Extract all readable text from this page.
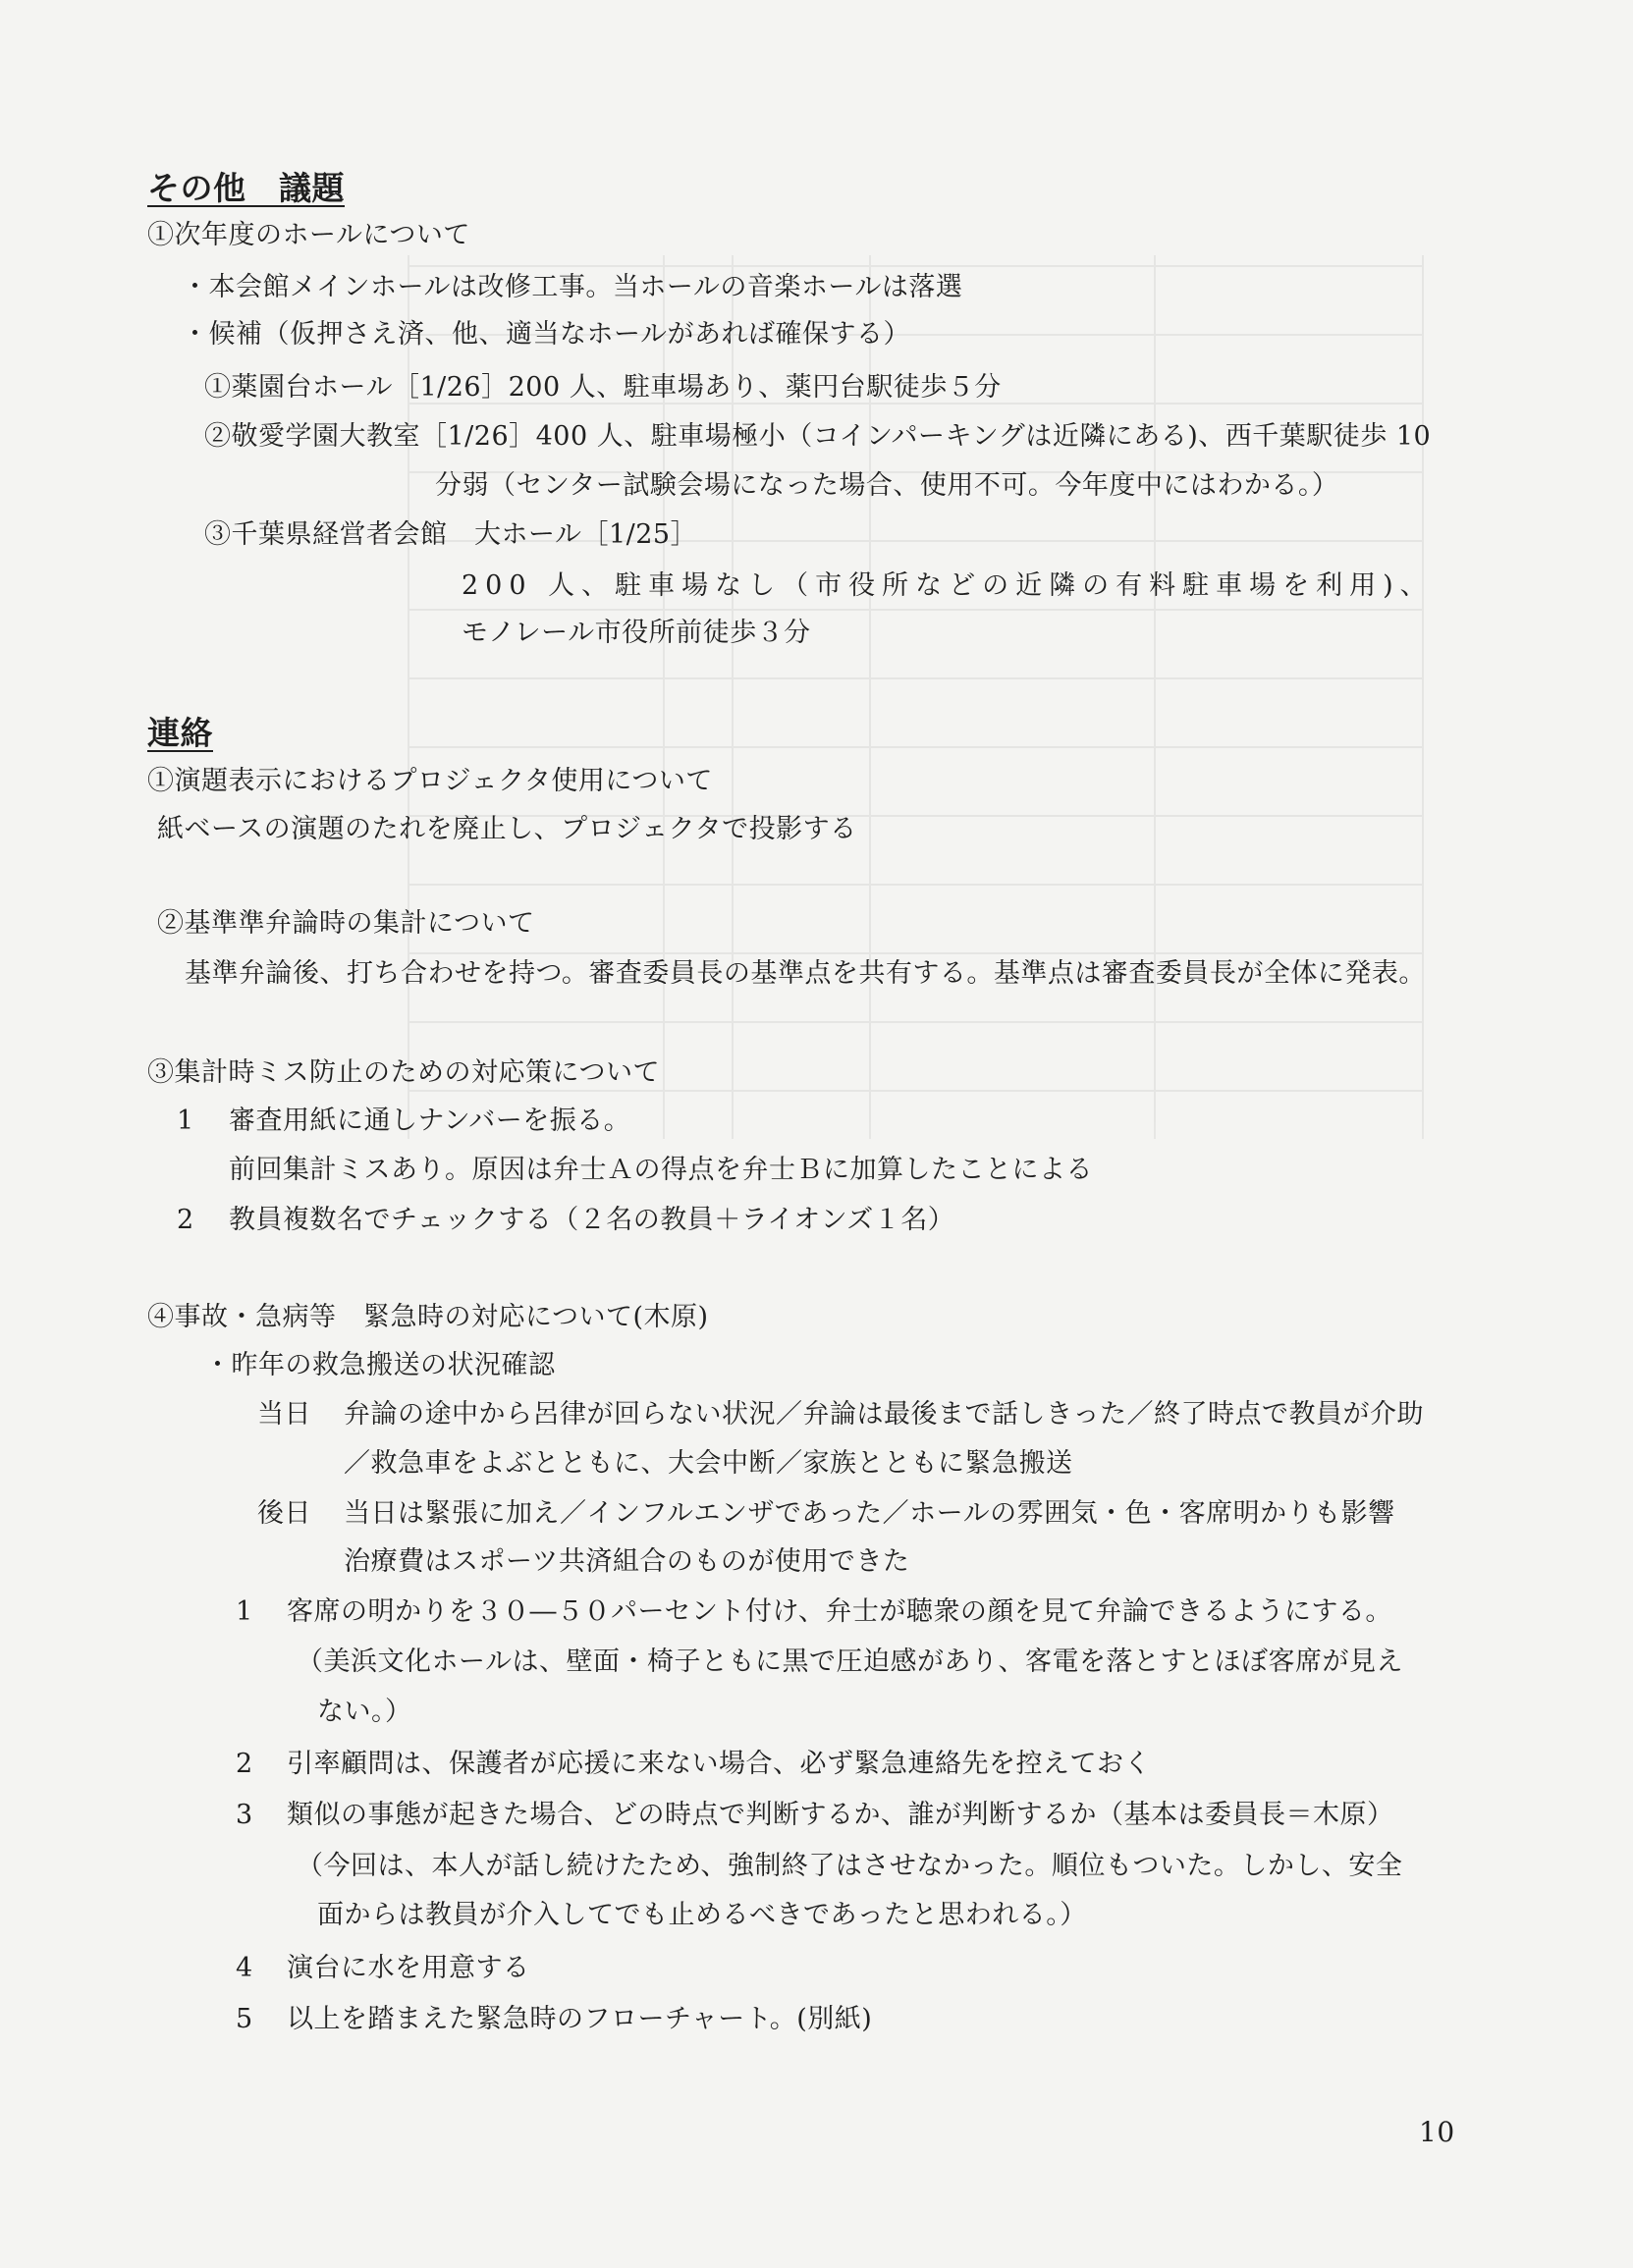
その他　議題
①次年度のホールについて
・本会館メインホールは改修工事。当ホールの音楽ホールは落選
・候補（仮押さえ済、他、適当なホールがあれば確保する）
①薬園台ホール［1/26］200 人、駐車場あり、薬円台駅徒歩５分
②敬愛学園大教室［1/26］400 人、駐車場極小（コインパーキングは近隣にある)、西千葉駅徒歩 10
分弱（センター試験会場になった場合、使用不可。今年度中にはわかる。）
③千葉県経営者会館　大ホール［1/25］
200 人、駐車場なし（市役所などの近隣の有料駐車場を利用)、
モノレール市役所前徒歩３分
連絡
①演題表示におけるプロジェクタ使用について
紙ベースの演題のたれを廃止し、プロジェクタで投影する
②基準準弁論時の集計について
基準弁論後、打ち合わせを持つ。審査委員長の基準点を共有する。基準点は審査委員長が全体に発表。
③集計時ミス防止のための対応策について
1 審査用紙に通しナンバーを振る。
前回集計ミスあり。原因は弁士Ａの得点を弁士Ｂに加算したことによる
2 教員複数名でチェックする（２名の教員＋ライオンズ１名）
④事故・急病等　緊急時の対応について(木原)
・昨年の救急搬送の状況確認
当日 弁論の途中から呂律が回らない状況／弁論は最後まで話しきった／終了時点で教員が介助
／救急車をよぶとともに、大会中断／家族とともに緊急搬送
後日 当日は緊張に加え／インフルエンザであった／ホールの雰囲気・色・客席明かりも影響
治療費はスポーツ共済組合のものが使用できた
1 客席の明かりを３０―５０パーセント付け、弁士が聴衆の顔を見て弁論できるようにする。
（美浜文化ホールは、壁面・椅子ともに黒で圧迫感があり、客電を落とすとほぼ客席が見え
ない。）
2 引率顧問は、保護者が応援に来ない場合、必ず緊急連絡先を控えておく
3 類似の事態が起きた場合、どの時点で判断するか、誰が判断するか（基本は委員長＝木原）
（今回は、本人が話し続けたため、強制終了はさせなかった。順位もついた。しかし、安全
面からは教員が介入してでも止めるべきであったと思われる。）
4 演台に水を用意する
5 以上を踏まえた緊急時のフローチャート。(別紙)
10
